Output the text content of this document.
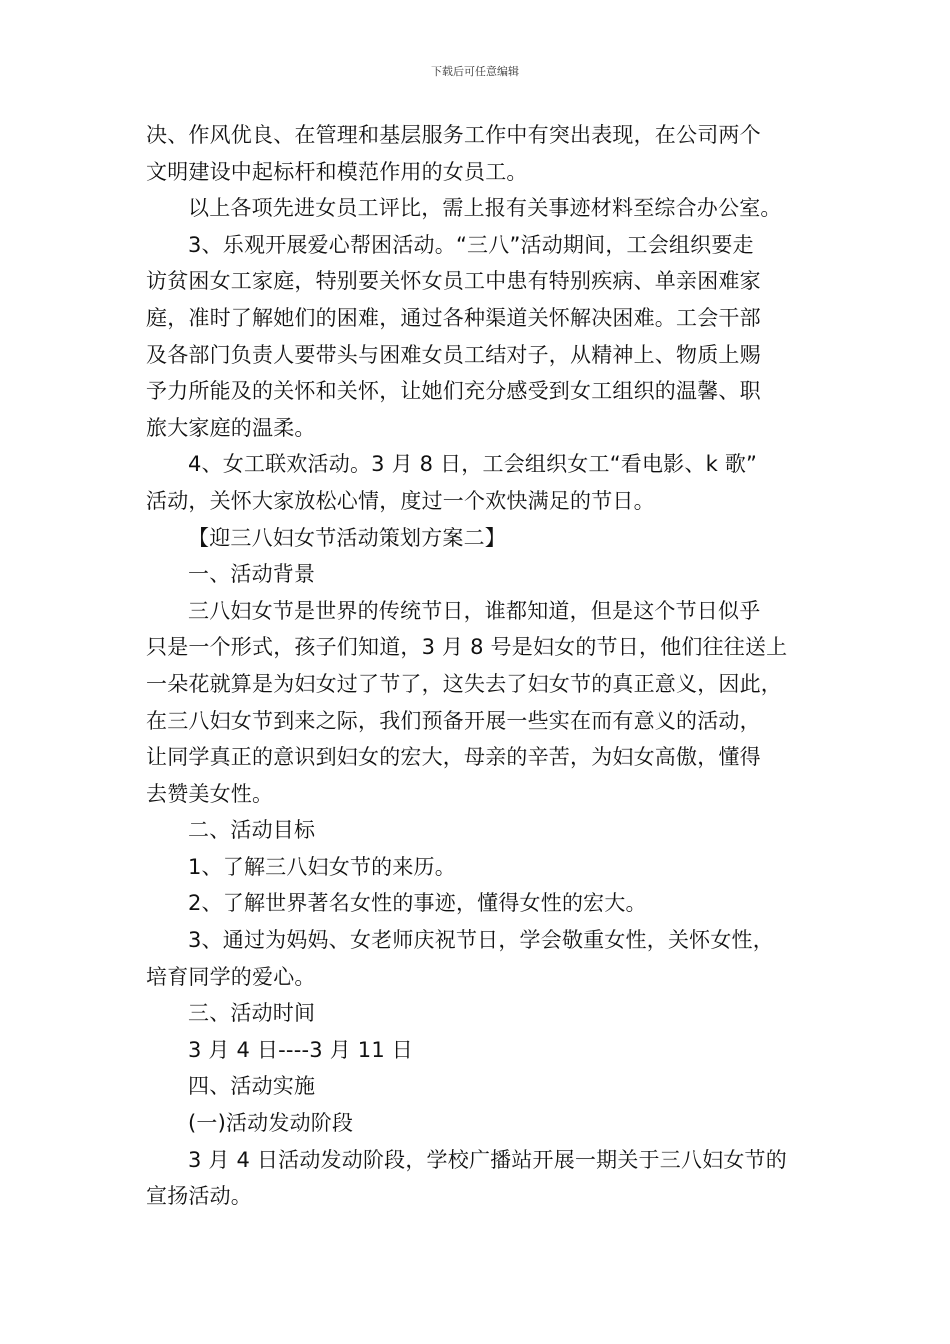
下载后可任意编辑
决、作风优良、在管理和基层服务工作中有突出表现，在公司两个
文明建设中起标杆和模范作用的女员工。
以上各项先进女员工评比，需上报有关事迹材料至综合办公室。
3、乐观开展爱心帮困活动。“三八”活动期间，工会组织要走
访贫困女工家庭，特别要关怀女员工中患有特别疾病、单亲困难家
庭，准时了解她们的困难，通过各种渠道关怀解决困难。工会干部
及各部门负责人要带头与困难女员工结对子，从精神上、物质上赐
予力所能及的关怀和关怀，让她们充分感受到女工组织的温馨、职
旅大家庭的温柔。
4、女工联欢活动。3 月 8 日，工会组织女工“看电影、k 歌”
活动，关怀大家放松心情，度过一个欢快满足的节日。
【迎三八妇女节活动策划方案二】
一、活动背景
三八妇女节是世界的传统节日，谁都知道，但是这个节日似乎
只是一个形式，孩子们知道，3 月 8 号是妇女的节日，他们往往送上
一朵花就算是为妇女过了节了，这失去了妇女节的真正意义，因此，
在三八妇女节到来之际，我们预备开展一些实在而有意义的活动，
让同学真正的意识到妇女的宏大，母亲的辛苦，为妇女高傲，懂得
去赞美女性。
二、活动目标
1、了解三八妇女节的来历。
2、了解世界著名女性的事迹，懂得女性的宏大。
3、通过为妈妈、女老师庆祝节日，学会敬重女性，关怀女性，
培育同学的爱心。
三、活动时间
3 月 4 日----3 月 11 日
四、活动实施
(一)活动发动阶段
3 月 4 日活动发动阶段，学校广播站开展一期关于三八妇女节的
宣扬活动。
